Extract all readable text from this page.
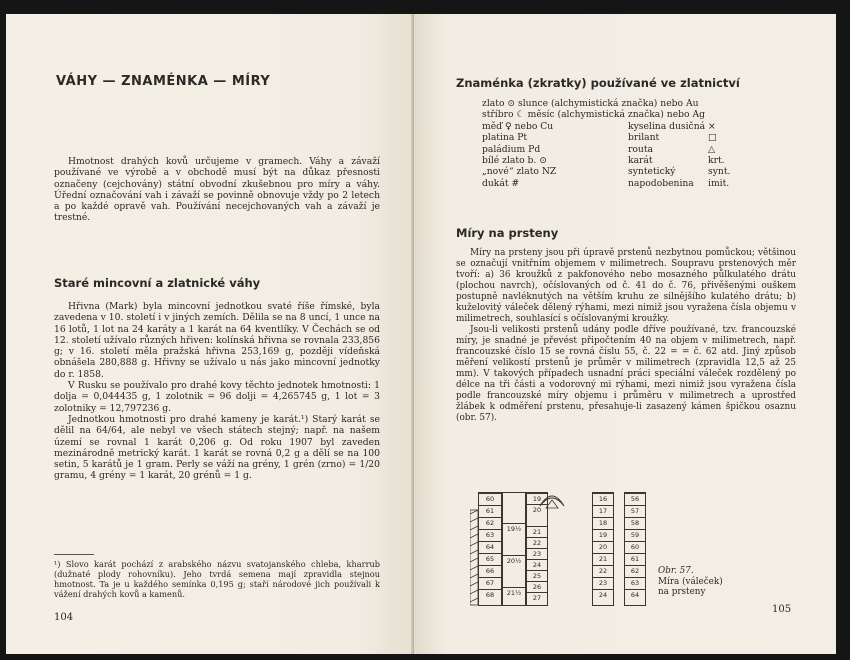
VÁHY — ZNAMÉNKA — MÍRY

Hmotnost drahých kovů určujeme v gramech. Váhy a závaží používané ve výrobě a v obchodě musí být na důkaz přesnosti označeny (cejchovány) státní obvodní zkušebnou pro míry a váhy. Úřední označování vah i závaží se povinně obnovuje vždy po 2 letech a po každé opravě vah. Používání necejchovaných vah a závaží je trestné.

Staré mincovní a zlatnické váhy

Hřivna (Mark) byla mincovní jednotkou svaté říše římské, byla zavedena v 10. století i v jiných zemích. Dělila se na 8 uncí, 1 unce na 16 lotů, 1 lot na 24 karáty a 1 karát na 64 kventlíky. V Čechách se od 12. století užívalo různých hřiven: kolínská hřivna se rovnala 233,856 g; v 16. století měla pražská hřivna 253,169 g, později vídeňská obnášela 280,888 g. Hřivny se užívalo u nás jako mincovní jednotky do r. 1858.

V Rusku se používalo pro drahé kovy těchto jednotek hmotnosti: 1 dolja = 0,044435 g, 1 zolotnik = 96 dolji = 4,265745 g, 1 lot = 3 zolotniky = 12,797236 g.

Jednotkou hmotnosti pro drahé kameny je karát.¹) Starý karát se dělil na 64/64, ale nebyl ve všech státech stejný; např. na našem území se rovnal 1 karát 0,206 g. Od roku 1907 byl zaveden mezinárodně metrický karát. 1 karát se rovná 0,2 g a dělí se na 100 setin, 5 karátů je 1 gram. Perly se váží na grény, 1 grén (zrno) = 1/20 gramu, 4 grény = 1 karát, 20 grénů = 1 g.

¹) Slovo karát pochází z arabského názvu svatojanského chleba, kharrub (dužnaté plody rohovníku). Jeho tvrdá semena mají zpravidla stejnou hmotnost. Ta je u každého semínka 0,195 g; staří národové jich používali k vážení drahých kovů a kamenů.
104
Znaménka (zkratky) používané ve zlatnictví
zlato ⊙ slunce (alchymistická značka) nebo Au
stříbro ☾ měsíc (alchymistická značka) nebo Ag
měď ♀ nebo Cu	kyselina dusičná ×
platina Pt	brilant	□
paládium Pd	routa	△
bílé zlato b. ⊙	karát	krt.
„nové“ zlato NZ	syntetický	synt.
dukát #	napodobenina	imit.
Míry na prsteny

Míry na prsteny jsou při úpravě prstenů nezbytnou pomůckou; většinou se označují vnitřním objemem v milimetrech. Soupravu prstenových měr tvoří: a) 36 kroužků z pakfonového nebo mosazného půlkulatého drátu (plochou navrch), očíslovaných od č. 41 do č. 76, přivěšenými ouškem postupně navléknutých na větším kruhu ze silnějšího kulatého drátu; b) kuželovitý váleček dělený rýhami, mezi nimiž jsou vyražena čísla objemu v milimetrech, souhlasící s očíslovanými kroužky.

Jsou-li velikosti prstenů udány podle dříve používané, tzv. francouzské míry, je snadné je převést připočtením 40 na objem v milimetrech, např. francouzské číslo 15 se rovná číslu 55, č. 22 = = č. 62 atd. Jiný způsob měření velikostí prstenů je průměr v milimetrech (zpravidla 12,5 až 25 mm). V takových případech usnadní práci speciální váleček rozdělený po délce na tři části a vodorovný mi rýhami, mezi nimiž jsou vyražena čísla podle francouzské míry objemu i průměru v milimetrech a uprostřed žlábek k odměření prstenu, přesahuje-li zasazený kámen špičkou osaznu (obr. 57).

60
61
62
63
64
65
66
67
68
19½
20½
21½
19
20
21
22
23
24
25
26
27
16
17
18
19
20
21
22
23
24
56
57
58
59
60
61
62
63
64
Obr. 57.
Míra (váleček)
na prsteny
105
